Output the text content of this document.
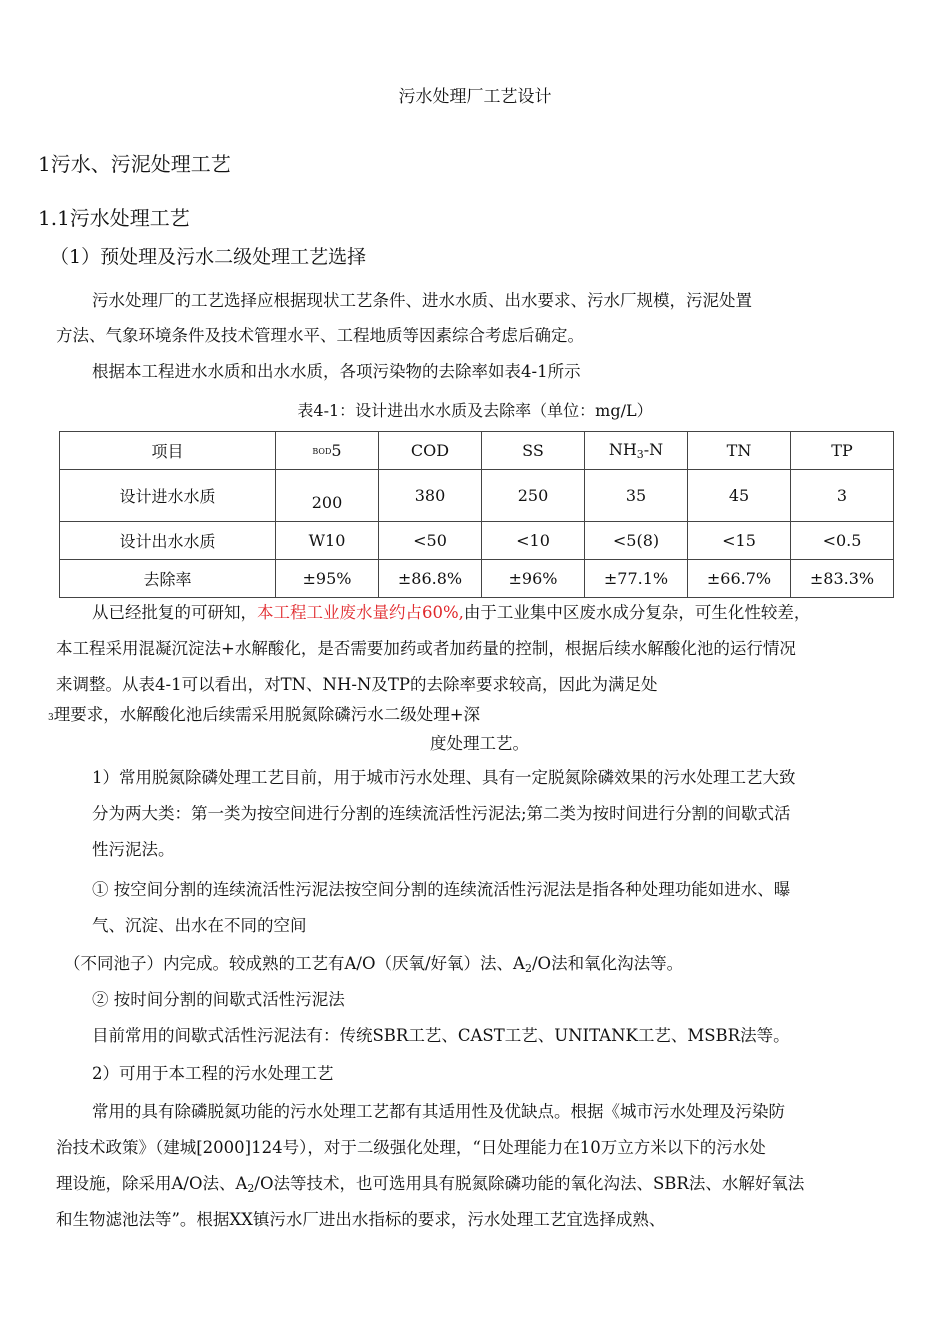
污水处理厂工艺设计
1污水、污泥处理工艺
1.1污水处理工艺
（1）预处理及污水二级处理工艺选择
污水处理厂的工艺选择应根据现状工艺条件、进水水质、出水要求、污水厂规模，污泥处置
方法、气象环境条件及技术管理水平、工程地质等因素综合考虑后确定。
根据本工程进水水质和出水水质，各项污染物的去除率如表4-1所示
表4-1：设计进出水水质及去除率（单位：mg/L）
项目	BOD5	COD	SS	$NH_3-N$	TN	TP
设计进水水质	200	380	250	35	45	3
设计出水水质	W10	<50	<10	<5(8)	<15	<0.5
去除率	±95%	±86.8%	±96%	±77.1%	±66.7%	±83.3%
从已经批复的可研知，本工程工业废水量约占60%,由于工业集中区废水成分复杂，可生化性较差，
本工程采用混凝沉淀法+水解酸化，是否需要加药或者加药量的控制，根据后续水解酸化池的运行情况
来调整。从表4-1可以看出，对TN、NH-N及TP的去除率要求较高，因此为满足处
3理要求，水解酸化池后续需采用脱氮除磷污水二级处理+深
度处理工艺。
1）常用脱氮除磷处理工艺目前，用于城市污水处理、具有一定脱氮除磷效果的污水处理工艺大致
分为两大类：第一类为按空间进行分割的连续流活性污泥法;第二类为按时间进行分割的间歇式活
性污泥法。
① 按空间分割的连续流活性污泥法按空间分割的连续流活性污泥法是指各种处理功能如进水、曝
气、沉淀、出水在不同的空间
（不同池子）内完成。较成熟的工艺有A/O（厌氧/好氧）法、$A_2/O$法和氧化沟法等。
② 按时间分割的间歇式活性污泥法
目前常用的间歇式活性污泥法有：传统SBR工艺、CAST工艺、UNITANK工艺、MSBR法等。
2）可用于本工程的污水处理工艺
常用的具有除磷脱氮功能的污水处理工艺都有其适用性及优缺点。根据《城市污水处理及污染防
治技术政策》（建城[2000]124号），对于二级强化处理，“日处理能力在10万立方米以下的污水处
理设施，除采用A/O法、$A_2/O$法等技术，也可选用具有脱氮除磷功能的氧化沟法、SBR法、水解好氧法
和生物滤池法等”。根据XX镇污水厂进出水指标的要求，污水处理工艺宜选择成熟、
